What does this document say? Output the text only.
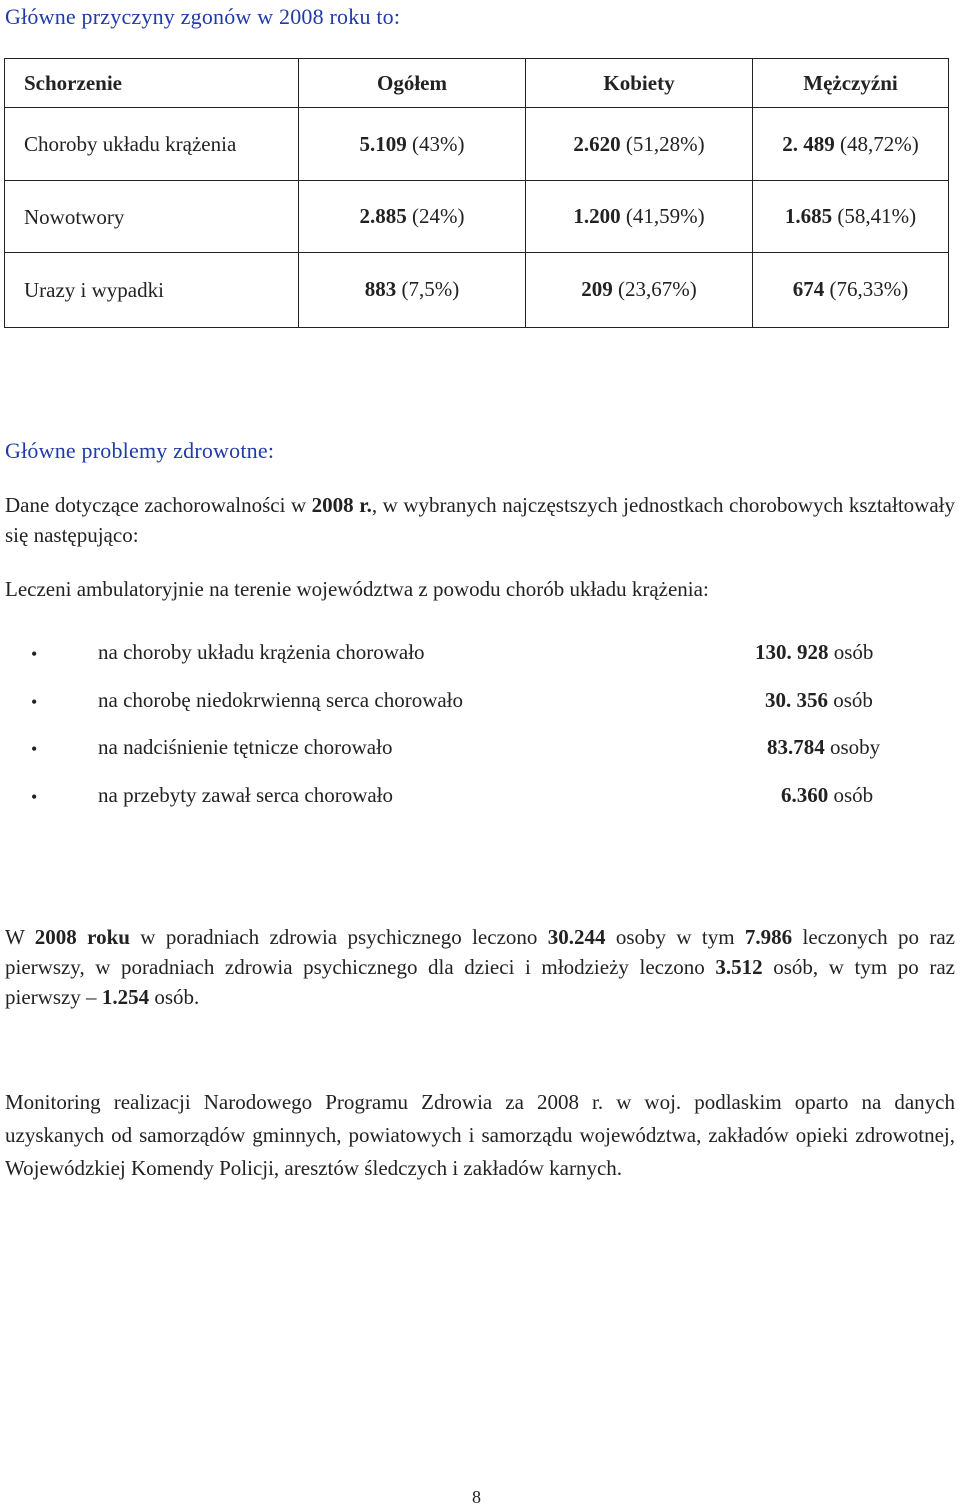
Główne przyczyny zgonów w 2008 roku to:
Schorzenie	Ogółem	Kobiety	Mężczyźni
Choroby układu krążenia	5.109 (43%)	2.620 (51,28%)	2. 489 (48,72%)
Nowotwory	2.885 (24%)	1.200 (41,59%)	1.685 (58,41%)
Urazy i wypadki	883 (7,5%)	209 (23,67%)	674 (76,33%)
Główne problemy zdrowotne:
Dane dotyczące zachorowalności w 2008 r., w wybranych najczęstszych jednostkach chorobowych kształtowały się następująco:
Leczeni ambulatoryjnie na terenie województwa z powodu chorób układu krążenia:
•	na choroby układu krążenia chorowało	130. 928 osób
•	na chorobę niedokrwienną serca chorowało	30. 356 osób
•	na nadciśnienie tętnicze chorowało	83.784 osoby
•	na przebyty zawał serca chorowało	6.360 osób
W 2008 roku w poradniach zdrowia psychicznego leczono 30.244 osoby w tym 7.986 leczonych po raz pierwszy, w poradniach zdrowia psychicznego dla dzieci i młodzieży leczono 3.512 osób, w tym po raz pierwszy – 1.254 osób.
Monitoring realizacji Narodowego Programu Zdrowia za 2008 r. w woj. podlaskim oparto na danych uzyskanych od samorządów gminnych, powiatowych i samorządu województwa, zakładów opieki zdrowotnej, Wojewódzkiej Komendy Policji, aresztów śledczych i zakładów karnych.
8
